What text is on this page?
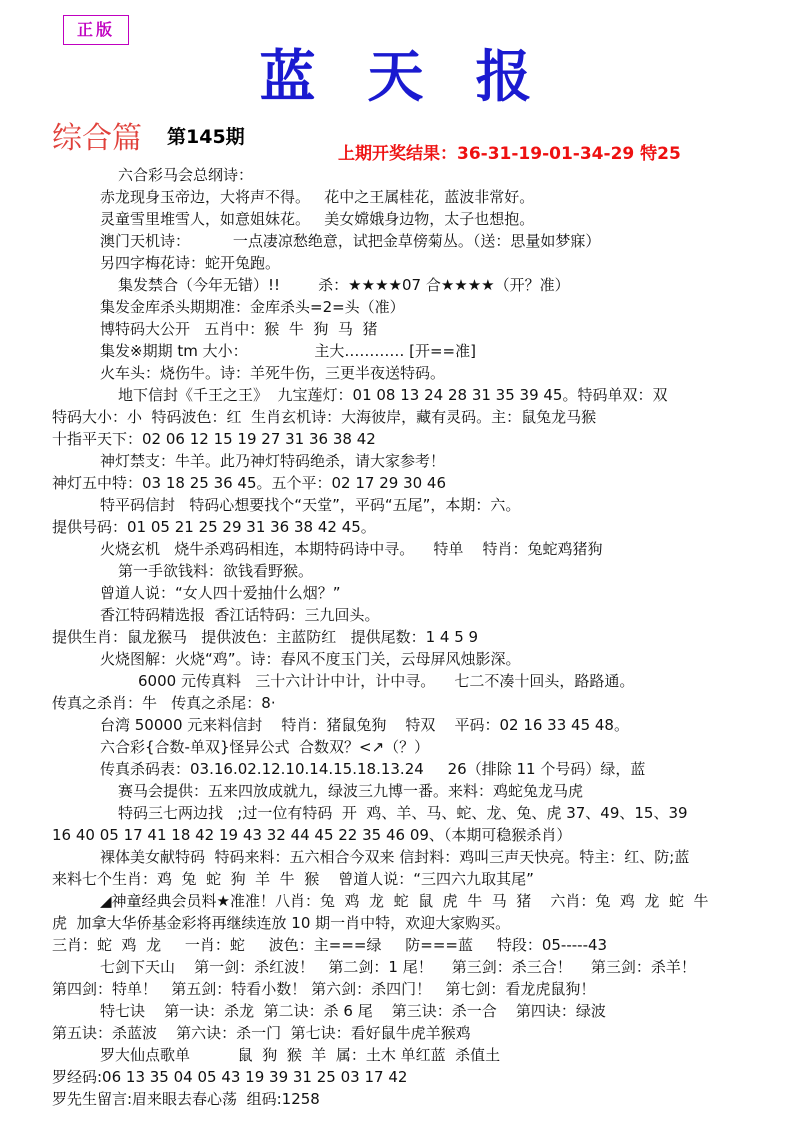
正版
蓝天报
综合篇 第145期
上期开奖结果：36-31-19-01-34-29 特25
六合彩马会总纲诗：
赤龙现身玉帝边，大将声不得。   花中之王属桂花，蓝波非常好。
灵童雪里堆雪人，如意姐妹花。   美女嫦娥身边物，太子也想抱。
澳门天机诗：         一点凄凉愁绝意，试把金草傍菊丛。（送：思量如梦寐）
另四字梅花诗：蛇开兔跑。
集发禁合（今年无错）!!        杀：★★★★07 合★★★★（开？准）
集发金库杀头期期准：金库杀头=2=头（准）
博特码大公开   五肖中：猴  牛  狗  马  猪
集发※期期 tm 大小：              主大………… [开==准]
火车头：烧伤牛。诗：羊死牛伤，三更半夜送特码。
地下信封《千王之王》  九宝莲灯：01 08 13 24 28 31 35 39 45。特码单双：双
特码大小：小  特码波色：红  生肖玄机诗：大海彼岸，藏有灵码。主：鼠兔龙马猴
十指平天下：02 06 12 15 19 27 31 36 38 42
神灯禁支：牛羊。此乃神灯特码绝杀，请大家参考！
神灯五中特：03 18 25 36 45。五个平：02 17 29 30 46
特平码信封   特码心想要找个“天堂”，平码“五尾”，本期：六。
提供号码：01 05 21 25 29 31 36 38 42 45。
火烧玄机   烧牛杀鸡码相连，本期特码诗中寻。    特单    特肖：兔蛇鸡猪狗
第一手欲钱料：欲钱看野猴。
曾道人说：“女人四十爱抽什么烟？”
香江特码精选报  香江话特码：三九回头。
提供生肖：鼠龙猴马   提供波色：主蓝防红   提供尾数：1 4 5 9
火烧图解：火烧“鸡”。诗：春风不度玉门关，云母屏风烛影深。
6000 元传真料   三十六计计中计，计中寻。    七二不凑十回头，路路通。
传真之杀肖：牛   传真之杀尾：8·
台湾 50000 元来料信封    特肖：猪鼠兔狗    特双    平码：02 16 33 45 48。
六合彩{合数-单双}怪异公式  合数双？<↗（？）
传真杀码表：03.16.02.12.10.14.15.18.13.24     26（排除 11 个号码）绿，蓝
赛马会提供：五来四放成就九，绿波三九博一番。来料：鸡蛇兔龙马虎
特码三七两边找   ;过一位有特码  开  鸡、羊、马、蛇、龙、兔、虎 37、49、15、39
16 40 05 17 41 18 42 19 43 32 44 45 22 35 46 09、（本期可稳猴杀肖）
裸体美女献特码  特码来料：五六相合今双来 信封料：鸡叫三声天快亮。特主：红、防;蓝
来料七个生肖：鸡  兔  蛇  狗  羊  牛  猴    曾道人说：“三四六九取其尾”
◢神童经典会员料★准准！八肖：兔  鸡  龙  蛇  鼠  虎  牛  马  猪    六肖：兔  鸡  龙  蛇  牛
虎  加拿大华侨基金彩将再继续连放 10 期一肖中特，欢迎大家购买。
三肖：蛇  鸡  龙     一肖：蛇     波色：主===绿     防===蓝     特段：05-----43
七剑下天山    第一剑：杀红波！   第二剑：1 尾！    第三剑：杀三合！    第三剑：杀羊！
第四剑：特单！   第五剑：特看小数！ 第六剑：杀四门！   第七剑：看龙虎鼠狗！
特七诀    第一诀：杀龙  第二诀：杀 6 尾    第三诀：杀一合    第四诀：绿波
第五诀：杀蓝波    第六诀：杀一门  第七诀：看好鼠牛虎羊猴鸡
罗大仙点歌单          鼠  狗  猴  羊  属：土木 单红蓝  杀值土
罗经码:06 13 35 04 05 43 19 39 31 25 03 17 42
罗先生留言:眉来眼去春心荡  组码:1258
